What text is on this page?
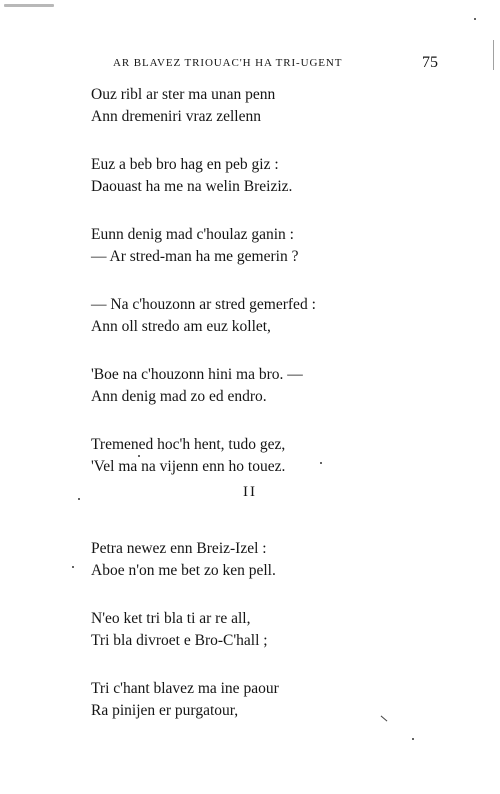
AR BLAVEZ TRIOUAC'H HA TRI-UGENT	75
Ouz ribl ar ster ma unan penn
Ann dremeniri vraz zellenn
Euz a beb bro hag en peb giz :
Daouast ha me na welin Breiziz.
Eunn denig mad c'houlaz ganin :
— Ar stred-man ha me gemerin ?
— Na c'houzonn ar stred gemerfed :
Ann oll stredo am euz kollet,
'Boe na c'houzonn hini ma bro. —
Ann denig mad zo ed endro.
Tremened hoc'h hent, tudo gez,
'Vel ma na vijenn enn ho touez.
II
Petra newez enn Breiz-Izel :
Aboe n'on me bet zo ken pell.
N'eo ket tri bla ti ar re all,
Tri bla divroet e Bro-C'hall ;
Tri c'hant blavez ma ine paour
Ra pinijen er purgatour,
